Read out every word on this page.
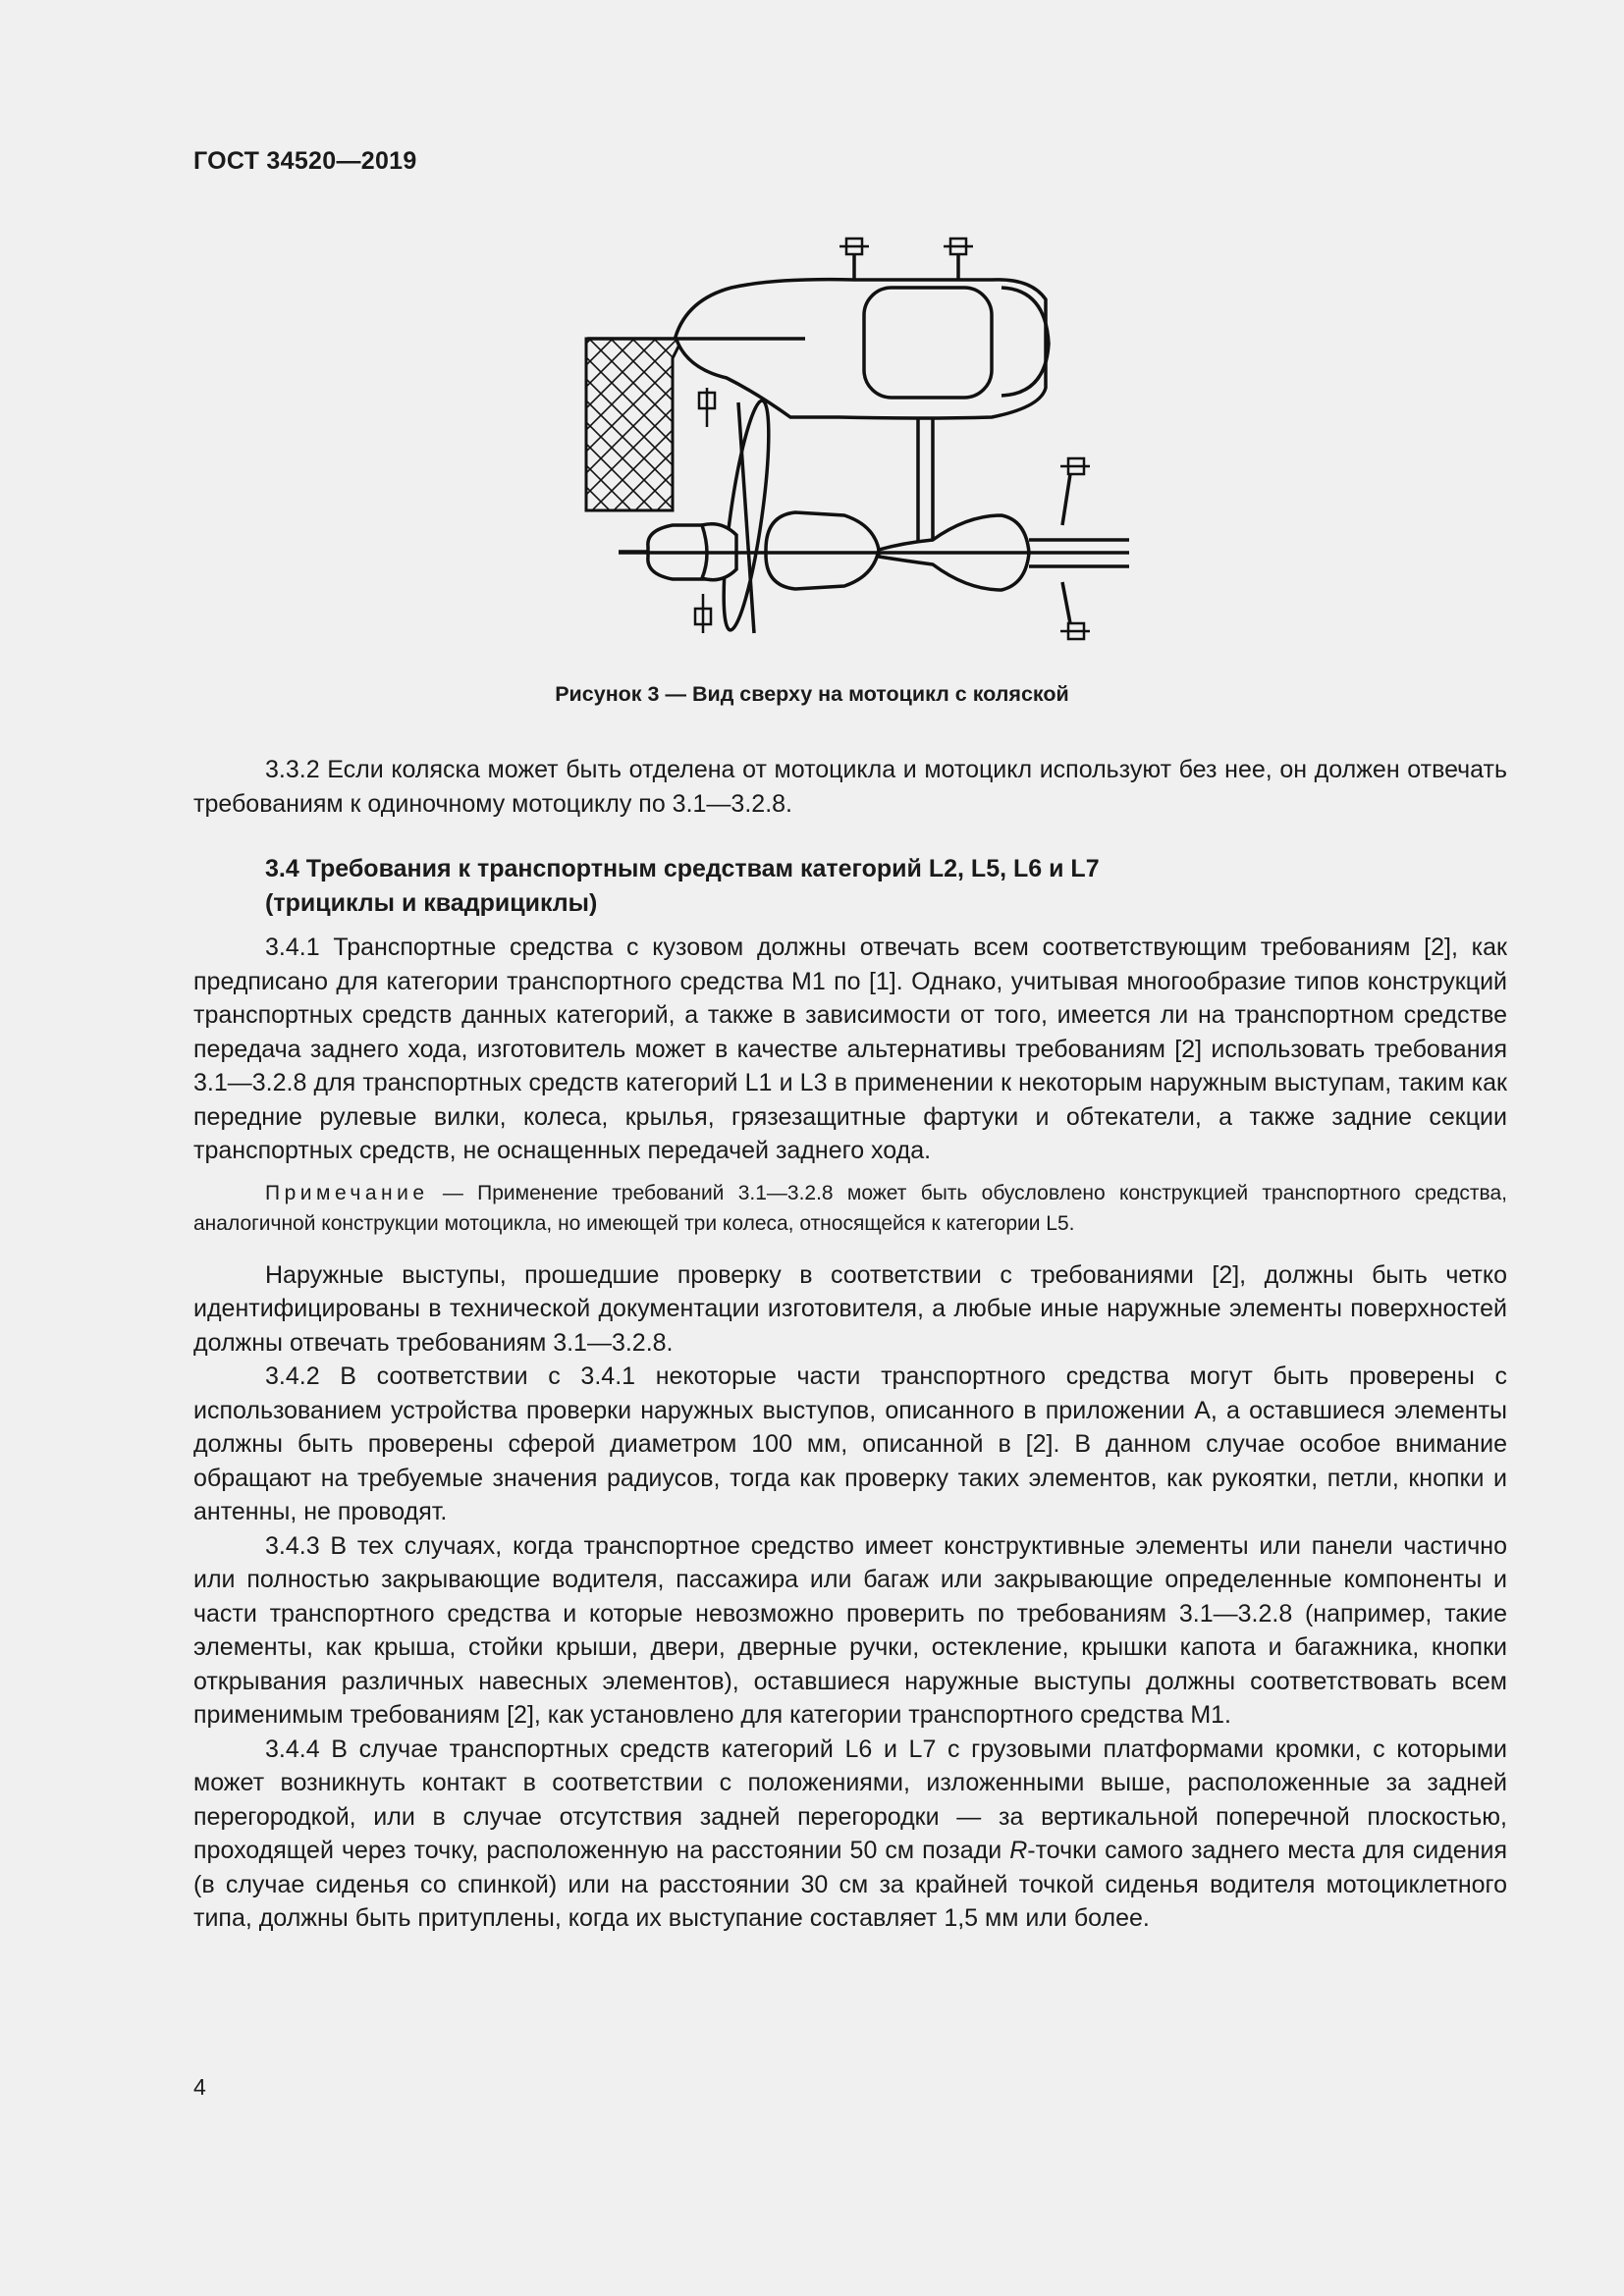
ГОСТ 34520—2019
Рисунок 3 — Вид сверху на мотоцикл с коляской

3.3.2 Если коляска может быть отделена от мотоцикла и мотоцикл используют без нее, он должен отвечать требованиям к одиночному мотоциклу по 3.1—3.2.8.

3.4 Требования к транспортным средствам категорий L2, L5, L6 и L7
(трициклы и квадрициклы)

3.4.1 Транспортные средства с кузовом должны отвечать всем соответствующим требованиям [2], как предписано для категории транспортного средства М1 по [1]. Однако, учитывая многообразие типов конструкций транспортных средств данных категорий, а также в зависимости от того, имеется ли на транспортном средстве передача заднего хода, изготовитель может в качестве альтернативы требованиям [2] использовать требования 3.1—3.2.8 для транспортных средств категорий L1 и L3 в применении к некоторым наружным выступам, таким как передние рулевые вилки, колеса, крылья, грязезащитные фартуки и обтекатели, а также задние секции транспортных средств, не оснащенных передачей заднего хода.

Примечание — Применение требований 3.1—3.2.8 может быть обусловлено конструкцией транспортного средства, аналогичной конструкции мотоцикла, но имеющей три колеса, относящейся к категории L5.

Наружные выступы, прошедшие проверку в соответствии с требованиями [2], должны быть четко идентифицированы в технической документации изготовителя, а любые иные наружные элементы поверхностей должны отвечать требованиям 3.1—3.2.8.

3.4.2 В соответствии с 3.4.1 некоторые части транспортного средства могут быть проверены с использованием устройства проверки наружных выступов, описанного в приложении А, а оставшиеся элементы должны быть проверены сферой диаметром 100 мм, описанной в [2]. В данном случае особое внимание обращают на требуемые значения радиусов, тогда как проверку таких элементов, как рукоятки, петли, кнопки и антенны, не проводят.

3.4.3 В тех случаях, когда транспортное средство имеет конструктивные элементы или панели частично или полностью закрывающие водителя, пассажира или багаж или закрывающие определенные компоненты и части транспортного средства и которые невозможно проверить по требованиям 3.1—3.2.8 (например, такие элементы, как крыша, стойки крыши, двери, дверные ручки, остекление, крышки капота и багажника, кнопки открывания различных навесных элементов), оставшиеся наружные выступы должны соответствовать всем применимым требованиям [2], как установлено для категории транспортного средства М1.

3.4.4 В случае транспортных средств категорий L6 и L7 с грузовыми платформами кромки, с которыми может возникнуть контакт в соответствии с положениями, изложенными выше, расположенные за задней перегородкой, или в случае отсутствия задней перегородки — за вертикальной поперечной плоскостью, проходящей через точку, расположенную на расстоянии 50 см позади R-точки самого заднего места для сидения (в случае сиденья со спинкой) или на расстоянии 30 см за крайней точкой сиденья водителя мотоциклетного типа, должны быть притуплены, когда их выступание составляет 1,5 мм или более.

4
